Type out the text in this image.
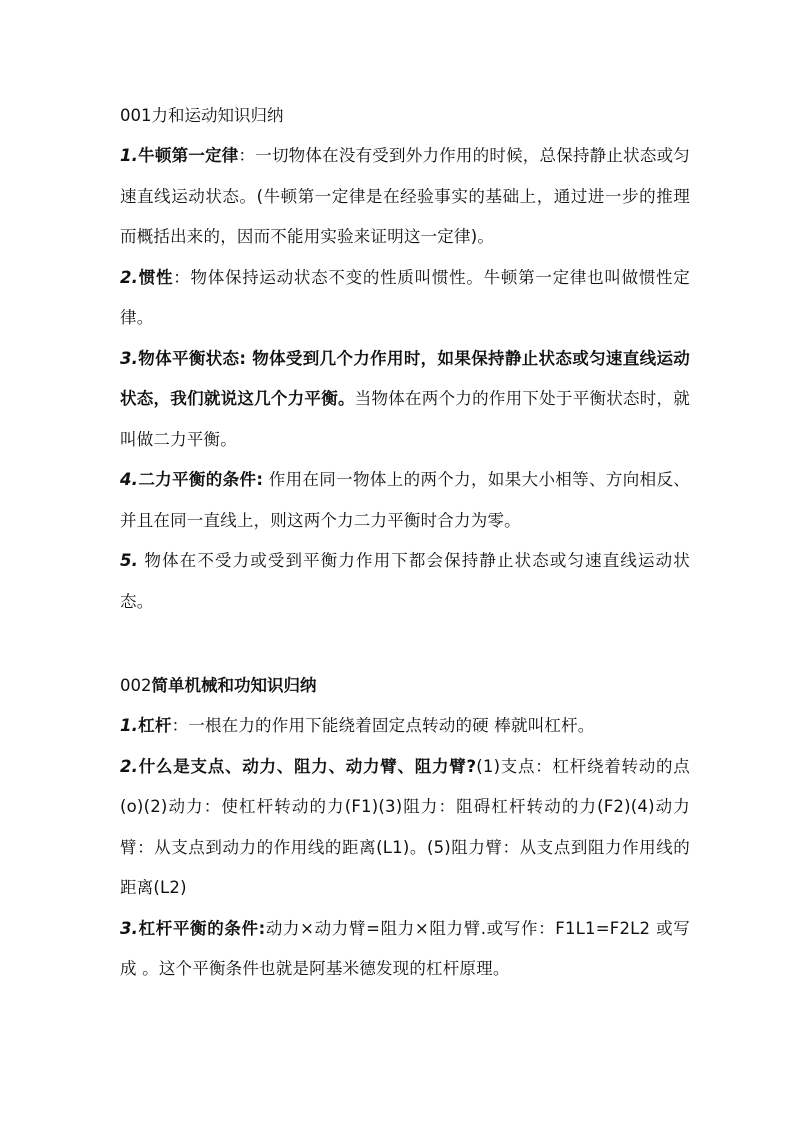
001力和运动知识归纳

1.牛顿第一定律：一切物体在没有受到外力作用的时候，总保持静止状态或匀速直线运动状态。(牛顿第一定律是在经验事实的基础上，通过进一步的推理而概括出来的，因而不能用实验来证明这一定律)。

2.惯性：物体保持运动状态不变的性质叫惯性。牛顿第一定律也叫做惯性定律。

3.物体平衡状态: 物体受到几个力作用时，如果保持静止状态或匀速直线运动状态，我们就说这几个力平衡。当物体在两个力的作用下处于平衡状态时，就叫做二力平衡。

4.二力平衡的条件: 作用在同一物体上的两个力，如果大小相等、方向相反、并且在同一直线上，则这两个力二力平衡时合力为零。

5. 物体在不受力或受到平衡力作用下都会保持静止状态或匀速直线运动状态。

002简单机械和功知识归纳

1.杠杆：一根在力的作用下能绕着固定点转动的硬 棒就叫杠杆。

2.什么是支点、动力、阻力、动力臂、阻力臂?(1)支点：杠杆绕着转动的点(o)(2)动力：使杠杆转动的力(F1)(3)阻力：阻碍杠杆转动的力(F2)(4)动力臂：从支点到动力的作用线的距离(L1)。(5)阻力臂：从支点到阻力作用线的距离(L2)

3.杠杆平衡的条件:动力×动力臂=阻力×阻力臂.或写作：F1L1=F2L2 或写成 。这个平衡条件也就是阿基米德发现的杠杆原理。
